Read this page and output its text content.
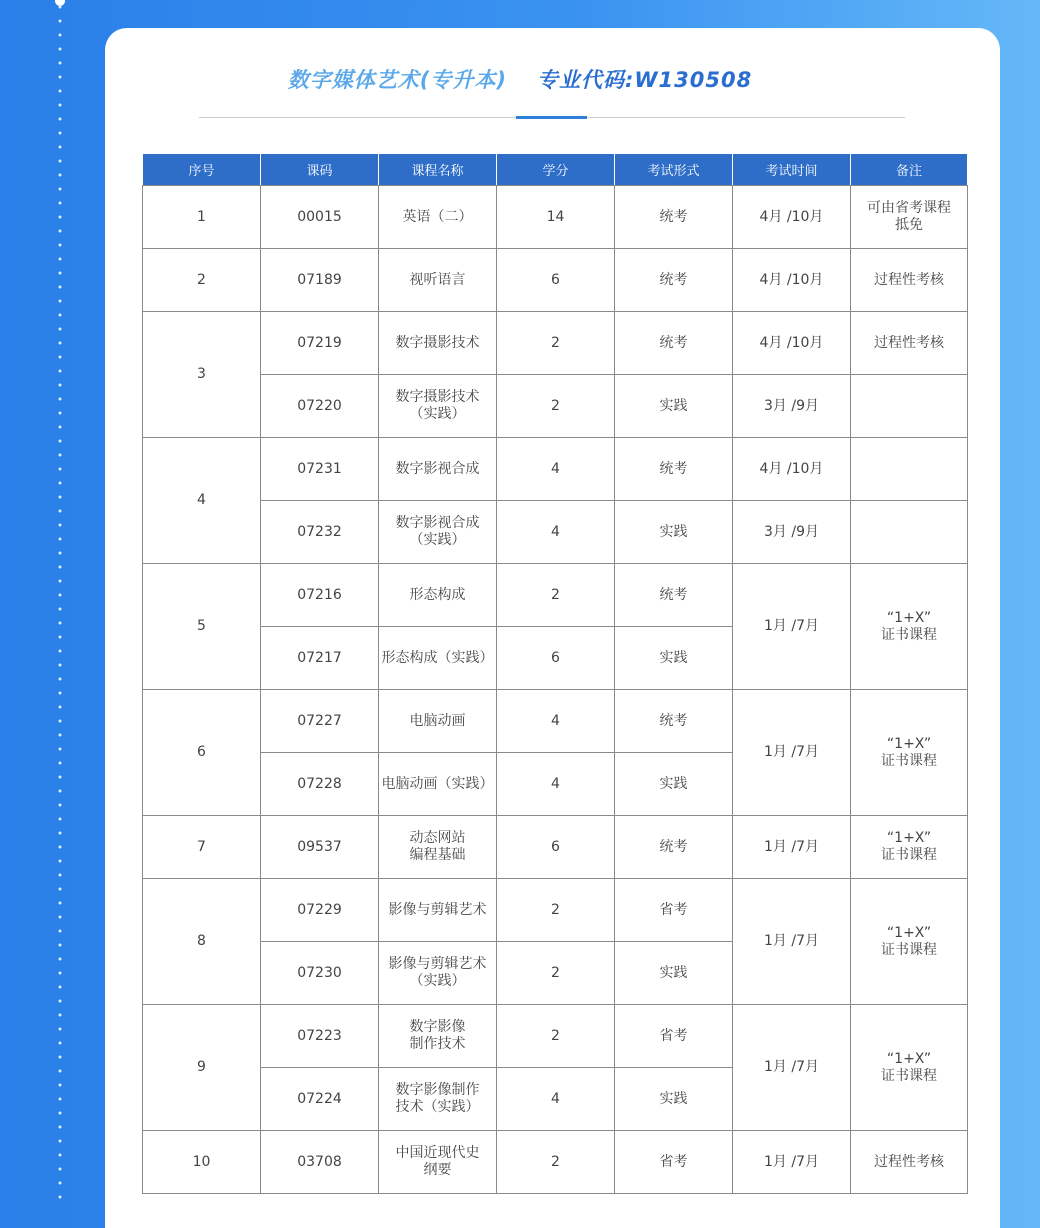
数字媒体艺术(专升本) 专业代码:W130508
序号	课码	课程名称	学分	考试形式	考试时间	备注
1	00015	英语（二）	14	统考	4月 /10月	可由省考课程
抵免

2	07189	视听语言	6	统考	4月 /10月	过程性考核
3	07219	数字摄影技术	2	统考	4月 /10月	过程性考核
	07220	数字摄影技术
（实践）	2	实践	3月 /9月	
4	07231	数字影视合成	4	统考	4月 /10月	
	07232	数字影视合成
（实践）	4	实践	3月 /9月	
5	07216	形态构成	2	统考	1月 /7月	“1+X”
证书课程

	07217	形态构成（实践）	6	实践		
6	07227	电脑动画	4	统考	1月 /7月	“1+X”
证书课程

	07228	电脑动画（实践）	4	实践		
7	09537	动态网站
编程基础	6	统考	1月 /7月	“1+X”
证书课程

8	07229	影像与剪辑艺术	2	省考	1月 /7月	“1+X”
证书课程

	07230	影像与剪辑艺术
（实践）	2	实践		
9	07223	数字影像
制作技术	2	省考	1月 /7月	“1+X”
证书课程

	07224	数字影像制作
技术（实践）	4	实践		
10	03708	中国近现代史
纲要	2	省考	1月 /7月	过程性考核
